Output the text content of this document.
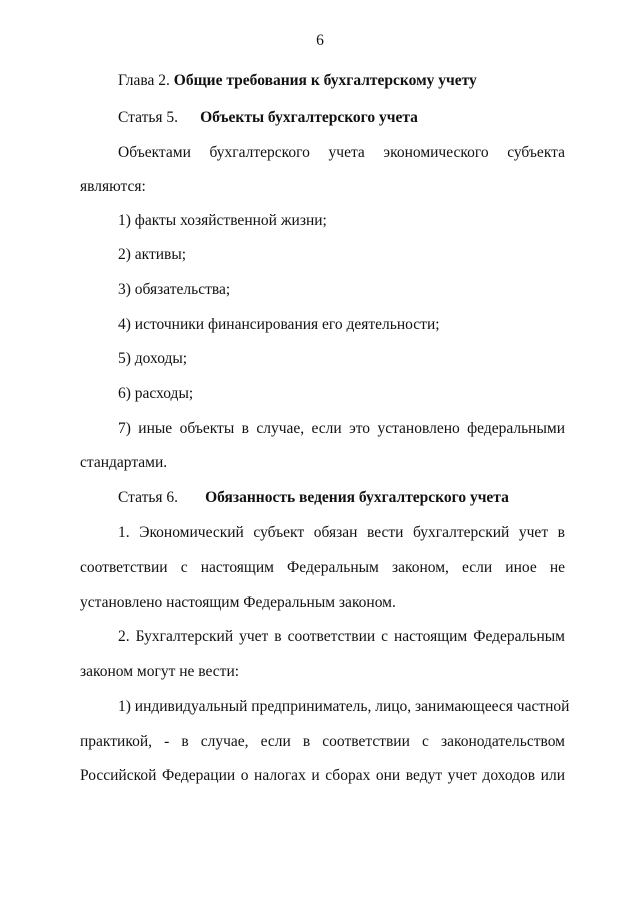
6
Глава 2. Общие требования к бухгалтерскому учету
Статья 5. Объекты бухгалтерского учета
Объектами бухгалтерского учета экономического субъекта
являются:
1) факты хозяйственной жизни;
2) активы;
3) обязательства;
4) источники финансирования его деятельности;
5) доходы;
6) расходы;
7) иные объекты в случае, если это установлено федеральными
стандартами.
Статья 6. Обязанность ведения бухгалтерского учета
1. Экономический субъект обязан вести бухгалтерский учет в
соответствии с настоящим Федеральным законом, если иное не
установлено настоящим Федеральным законом.
2. Бухгалтерский учет в соответствии с настоящим Федеральным
законом могут не вести:
1) индивидуальный предприниматель, лицо, занимающееся частной
практикой, - в случае, если в соответствии с законодательством
Российской Федерации о налогах и сборах они ведут учет доходов или
